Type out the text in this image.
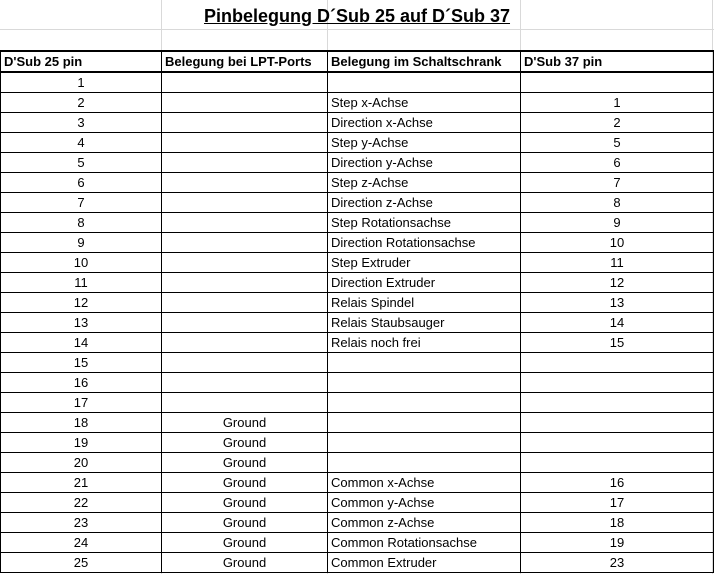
Pinbelegung D´Sub 25 auf D´Sub 37
D'Sub 25 pin	Belegung bei LPT-Ports	Belegung im Schaltschrank	D'Sub 37 pin
1			
2		Step x-Achse	1
3		Direction x-Achse	2
4		Step y-Achse	5
5		Direction y-Achse	6
6		Step z-Achse	7
7		Direction z-Achse	8
8		Step Rotationsachse	9
9		Direction Rotationsachse	10
10		Step Extruder	11
11		Direction Extruder	12
12		Relais Spindel	13
13		Relais Staubsauger	14
14		Relais noch frei	15
15			
16			
17			
18	Ground		
19	Ground		
20	Ground		
21	Ground	Common x-Achse	16
22	Ground	Common y-Achse	17
23	Ground	Common z-Achse	18
24	Ground	Common Rotationsachse	19
25	Ground	Common Extruder	23
